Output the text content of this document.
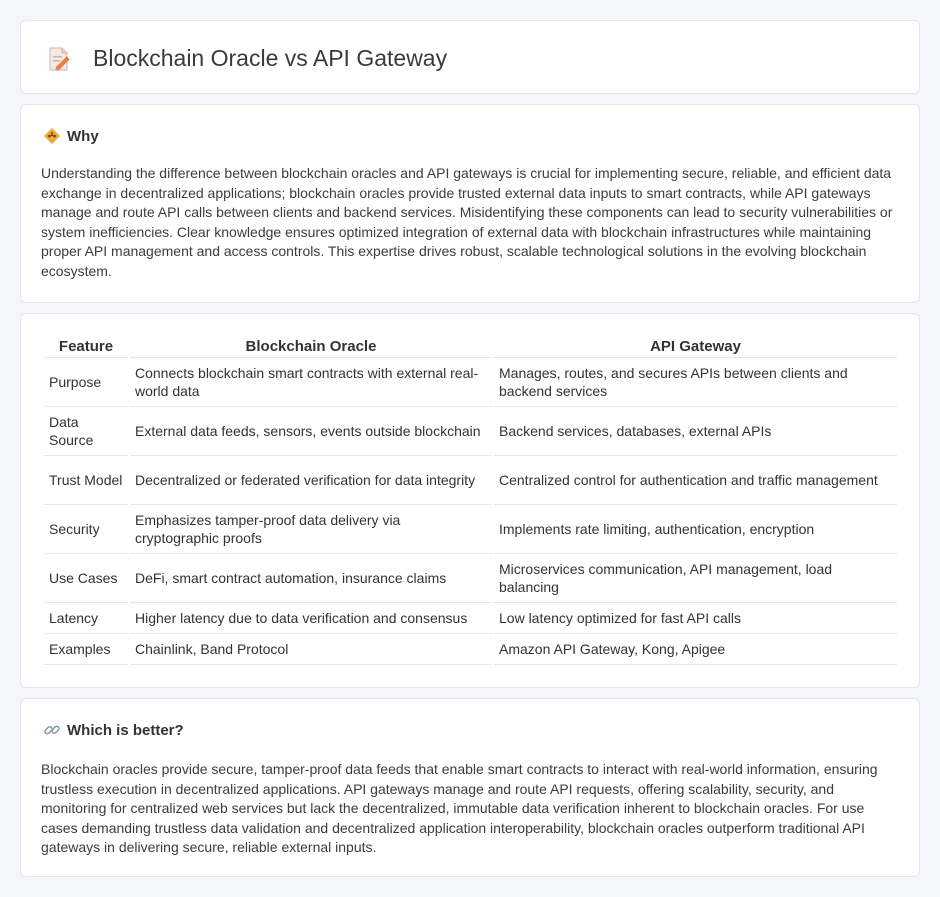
Blockchain Oracle vs API Gateway
Why

Understanding the difference between blockchain oracles and API gateways is crucial for implementing secure, reliable, and efficient data exchange in decentralized applications; blockchain oracles provide trusted external data inputs to smart contracts, while API gateways manage and route API calls between clients and backend services. Misidentifying these components can lead to security vulnerabilities or system inefficiencies. Clear knowledge ensures optimized integration of external data with blockchain infrastructures while maintaining proper API management and access controls. This expertise drives robust, scalable technological solutions in the evolving blockchain ecosystem.

Feature	Blockchain Oracle	API Gateway
Purpose	Connects blockchain smart contracts with external real-world data	Manages, routes, and secures APIs between clients and backend services
Data Source	External data feeds, sensors, events outside blockchain	Backend services, databases, external APIs
Trust Model	Decentralized or federated verification for data integrity	Centralized control for authentication and traffic management
Security	Emphasizes tamper-proof data delivery via cryptographic proofs	Implements rate limiting, authentication, encryption
Use Cases	DeFi, smart contract automation, insurance claims	Microservices communication, API management, load balancing
Latency	Higher latency due to data verification and consensus	Low latency optimized for fast API calls
Examples	Chainlink, Band Protocol	Amazon API Gateway, Kong, Apigee
Which is better?

Blockchain oracles provide secure, tamper-proof data feeds that enable smart contracts to interact with real-world information, ensuring trustless execution in decentralized applications. API gateways manage and route API requests, offering scalability, security, and monitoring for centralized web services but lack the decentralized, immutable data verification inherent to blockchain oracles. For use cases demanding trustless data validation and decentralized application interoperability, blockchain oracles outperform traditional API gateways in delivering secure, reliable external inputs.
